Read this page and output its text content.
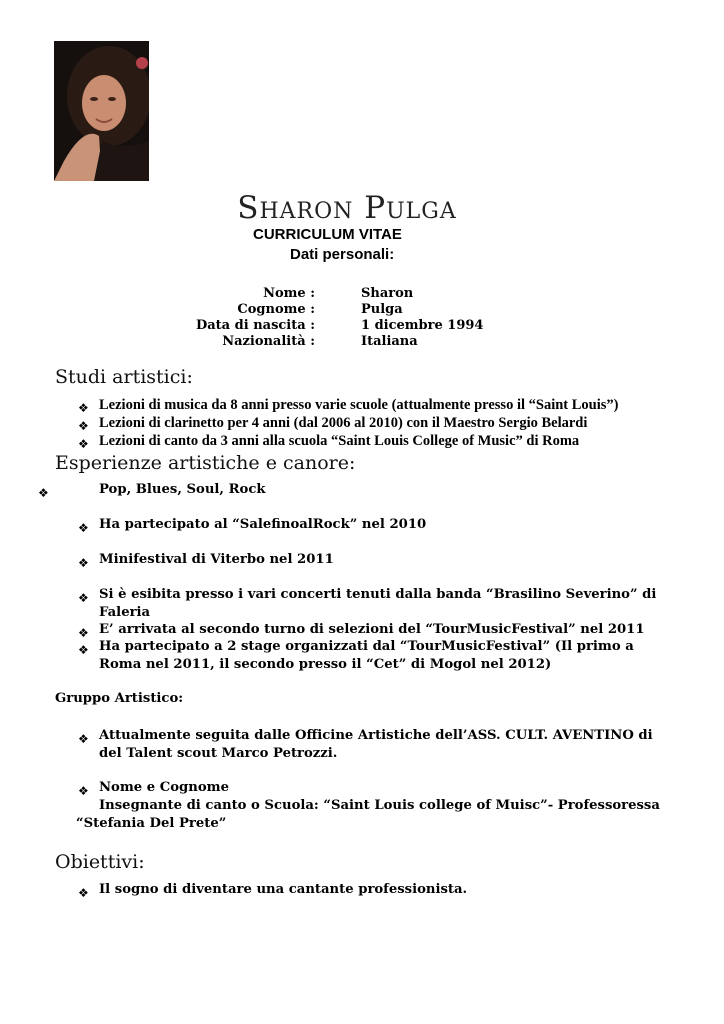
Sharon Pulga
CURRICULUM VITAE
Dati personali:
Nome :	Sharon
Cognome :	Pulga
Data di nascita :	1 dicembre 1994
Nazionalità :	Italiana
Studi artistici:
❖ Lezioni di musica da 8 anni presso varie scuole (attualmente presso il “Saint Louis”)
❖ Lezioni di clarinetto per 4 anni (dal 2006 al 2010) con il Maestro Sergio Belardi
❖ Lezioni di canto da 3 anni alla scuola “Saint Louis College of Music” di Roma
Esperienze artistiche e canore:
❖	Pop, Blues, Soul, Rock
❖ Ha partecipato al “SalefinoalRock” nel 2010
❖ Minifestival di Viterbo nel 2011
❖ Si è esibita presso i vari concerti tenuti dalla banda “Brasilino Severino” di
Faleria
❖ E’ arrivata al secondo turno di selezioni del “TourMusicFestival” nel 2011
❖ Ha partecipato a 2 stage organizzati dal “TourMusicFestival” (Il primo a
Roma nel 2011, il secondo presso il “Cet” di Mogol nel 2012)
Gruppo Artistico:
❖ Attualmente seguita dalle Officine Artistiche dell’ASS. CULT. AVENTINO di
del Talent scout Marco Petrozzi.
❖ Nome e Cognome
Insegnante di canto o Scuola: “Saint Louis college of Muisc”- Professoressa
“Stefania Del Prete”
Obiettivi:
❖ Il sogno di diventare una cantante professionista.
